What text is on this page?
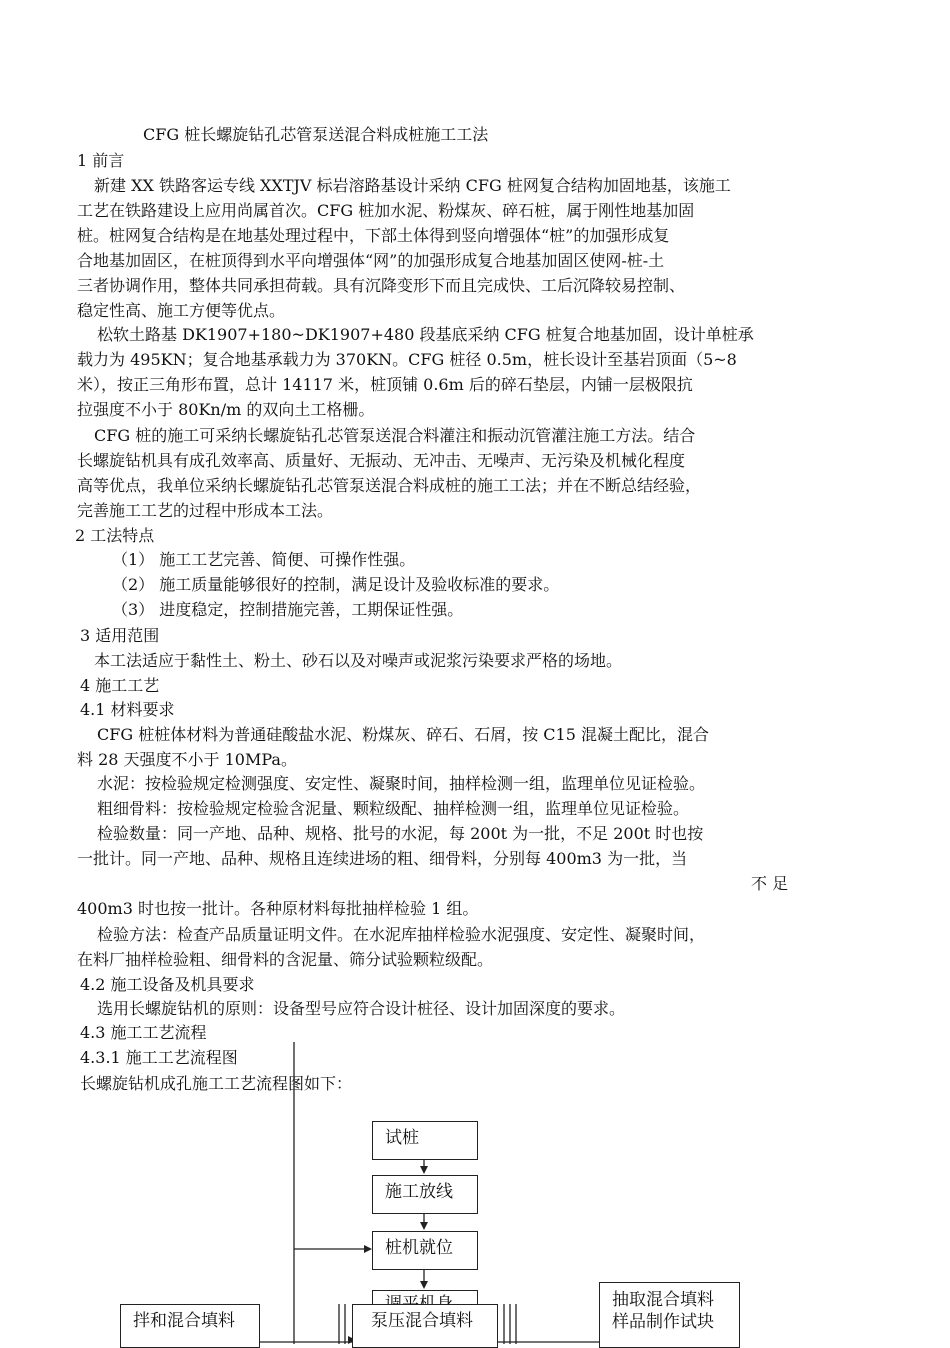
CFG 桩长螺旋钻孔芯管泵送混合料成桩施工工法
1 前言
新建 XX 铁路客运专线 XXTJV 标岩溶路基设计采纳 CFG 桩网复合结构加固地基，该施工
工艺在铁路建设上应用尚属首次。CFG 桩加水泥、粉煤灰、碎石桩，属于刚性地基加固
桩。桩网复合结构是在地基处理过程中，下部土体得到竖向增强体“桩”的加强形成复
合地基加固区，在桩顶得到水平向增强体“网”的加强形成复合地基加固区使网-桩-土
三者协调作用，整体共同承担荷载。具有沉降变形下而且完成快、工后沉降较易控制、
稳定性高、施工方便等优点。
松软土路基 DK1907+180~DK1907+480 段基底采纳 CFG 桩复合地基加固，设计单桩承
载力为 495KN；复合地基承载力为 370KN。CFG 桩径 0.5m，桩长设计至基岩顶面（5~8
米），按正三角形布置，总计 14117 米，桩顶铺 0.6m 后的碎石垫层，内铺一层极限抗
拉强度不小于 80Kn/m 的双向土工格栅。
CFG 桩的施工可采纳长螺旋钻孔芯管泵送混合料灌注和振动沉管灌注施工方法。结合
长螺旋钻机具有成孔效率高、质量好、无振动、无冲击、无噪声、无污染及机械化程度
高等优点，我单位采纳长螺旋钻孔芯管泵送混合料成桩的施工工法；并在不断总结经验，
完善施工工艺的过程中形成本工法。
2 工法特点
（1） 施工工艺完善、简便、可操作性强。
（2） 施工质量能够很好的控制，满足设计及验收标准的要求。
（3） 进度稳定，控制措施完善，工期保证性强。
3 适用范围
本工法适应于黏性土、粉土、砂石以及对噪声或泥浆污染要求严格的场地。
4 施工工艺
4.1 材料要求
CFG 桩桩体材料为普通硅酸盐水泥、粉煤灰、碎石、石屑，按 C15 混凝土配比，混合
料 28 天强度不小于 10MPa。
水泥：按检验规定检测强度、安定性、凝聚时间，抽样检测一组，监理单位见证检验。
粗细骨料：按检验规定检验含泥量、颗粒级配、抽样检测一组，监理单位见证检验。
检验数量：同一产地、品种、规格、批号的水泥，每 200t 为一批，不足 200t 时也按
一批计。同一产地、品种、规格且连续进场的粗、细骨料，分别每 400m3 为一批，当
不 足
400m3 时也按一批计。各种原材料每批抽样检验 1 组。
检验方法：检查产品质量证明文件。在水泥库抽样检验水泥强度、安定性、凝聚时间，
在料厂抽样检验粗、细骨料的含泥量、筛分试验颗粒级配。
4.2 施工设备及机具要求
选用长螺旋钻机的原则：设备型号应符合设计桩径、设计加固深度的要求。
4.3 施工工艺流程
4.3.1 施工工艺流程图
长螺旋钻机成孔施工工艺流程图如下：
试桩
施工放线
桩机就位
拌和混合填料	泵压混合填料
抽取混合填料
样品制作试块
